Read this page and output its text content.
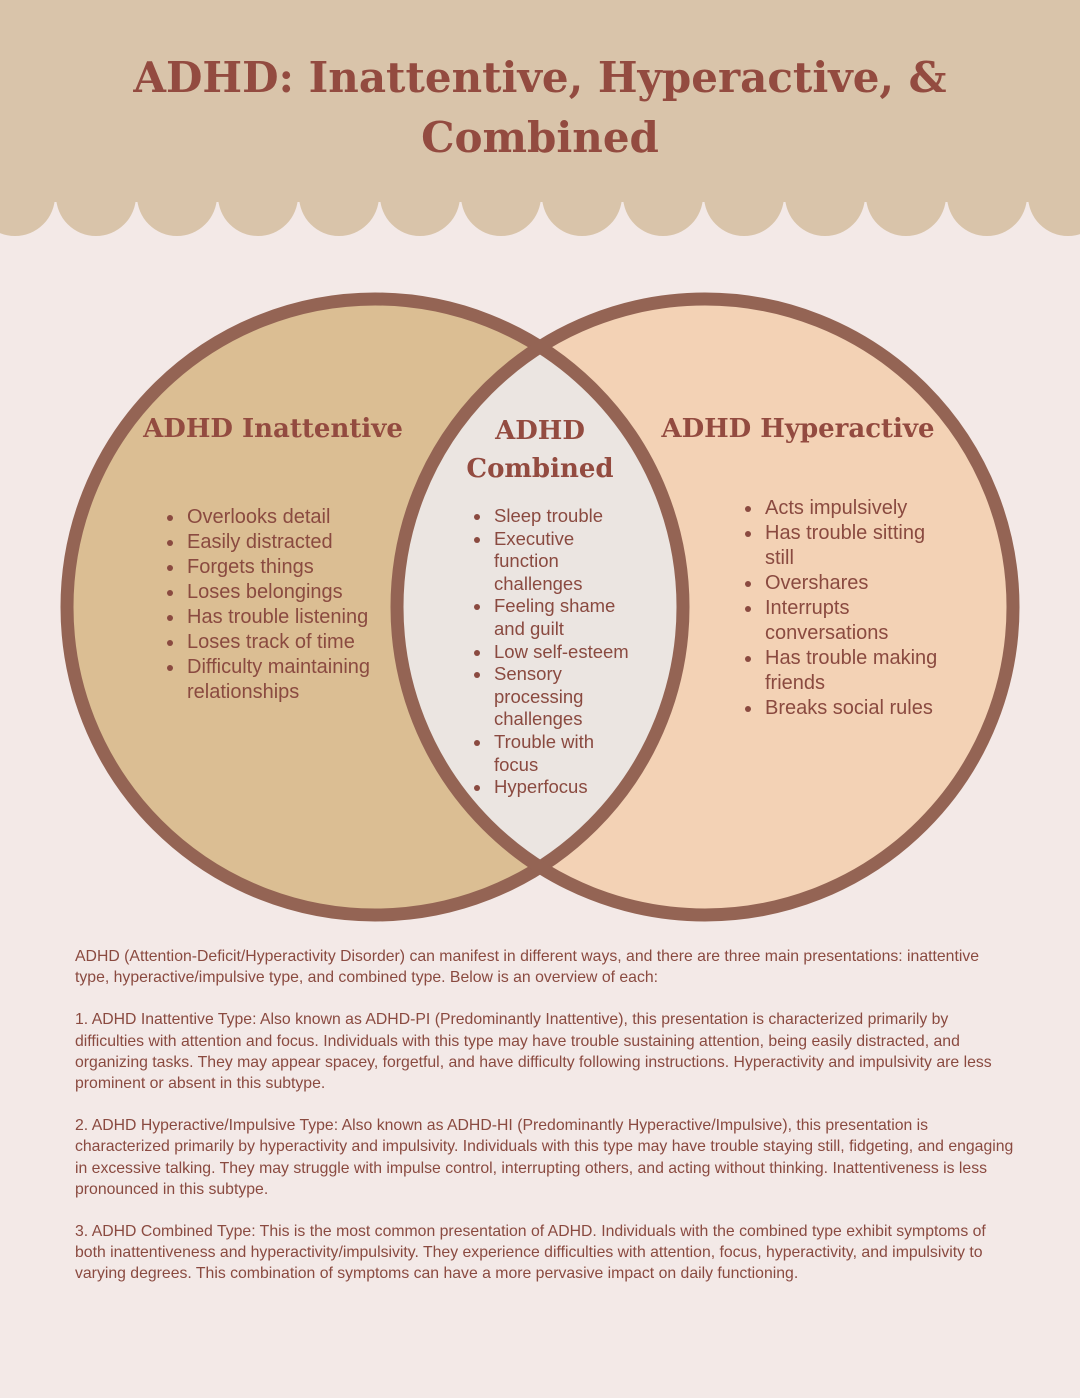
ADHD: Inattentive, Hyperactive, & Combined
ADHD Inattentive	ADHD Combined
ADHD Hyperactive
• Overlooks detail
• Easily distracted
• Forgets things
• Loses belongings
• Has trouble listening
• Loses track of time
• Difficulty maintaining relationships
• Sleep trouble
• Executive function challenges
• Feeling shame and guilt
• Low self-esteem
• Sensory processing challenges
• Trouble with focus
• Hyperfocus
• Acts impulsively
• Has trouble sitting still
• Overshares
• Interrupts conversations
• Has trouble making friends
• Breaks social rules

ADHD (Attention-Deficit/Hyperactivity Disorder) can manifest in different ways, and there are three main presentations: inattentive type, hyperactive/impulsive type, and combined type. Below is an overview of each:

1. ADHD Inattentive Type: Also known as ADHD-PI (Predominantly Inattentive), this presentation is characterized primarily by difficulties with attention and focus. Individuals with this type may have trouble sustaining attention, being easily distracted, and organizing tasks. They may appear spacey, forgetful, and have difficulty following instructions. Hyperactivity and impulsivity are less prominent or absent in this subtype.

2. ADHD Hyperactive/Impulsive Type: Also known as ADHD-HI (Predominantly Hyperactive/Impulsive), this presentation is characterized primarily by hyperactivity and impulsivity. Individuals with this type may have trouble staying still, fidgeting, and engaging in excessive talking. They may struggle with impulse control, interrupting others, and acting without thinking. Inattentiveness is less pronounced in this subtype.

3. ADHD Combined Type: This is the most common presentation of ADHD. Individuals with the combined type exhibit symptoms of both inattentiveness and hyperactivity/impulsivity. They experience difficulties with attention, focus, hyperactivity, and impulsivity to varying degrees. This combination of symptoms can have a more pervasive impact on daily functioning.
